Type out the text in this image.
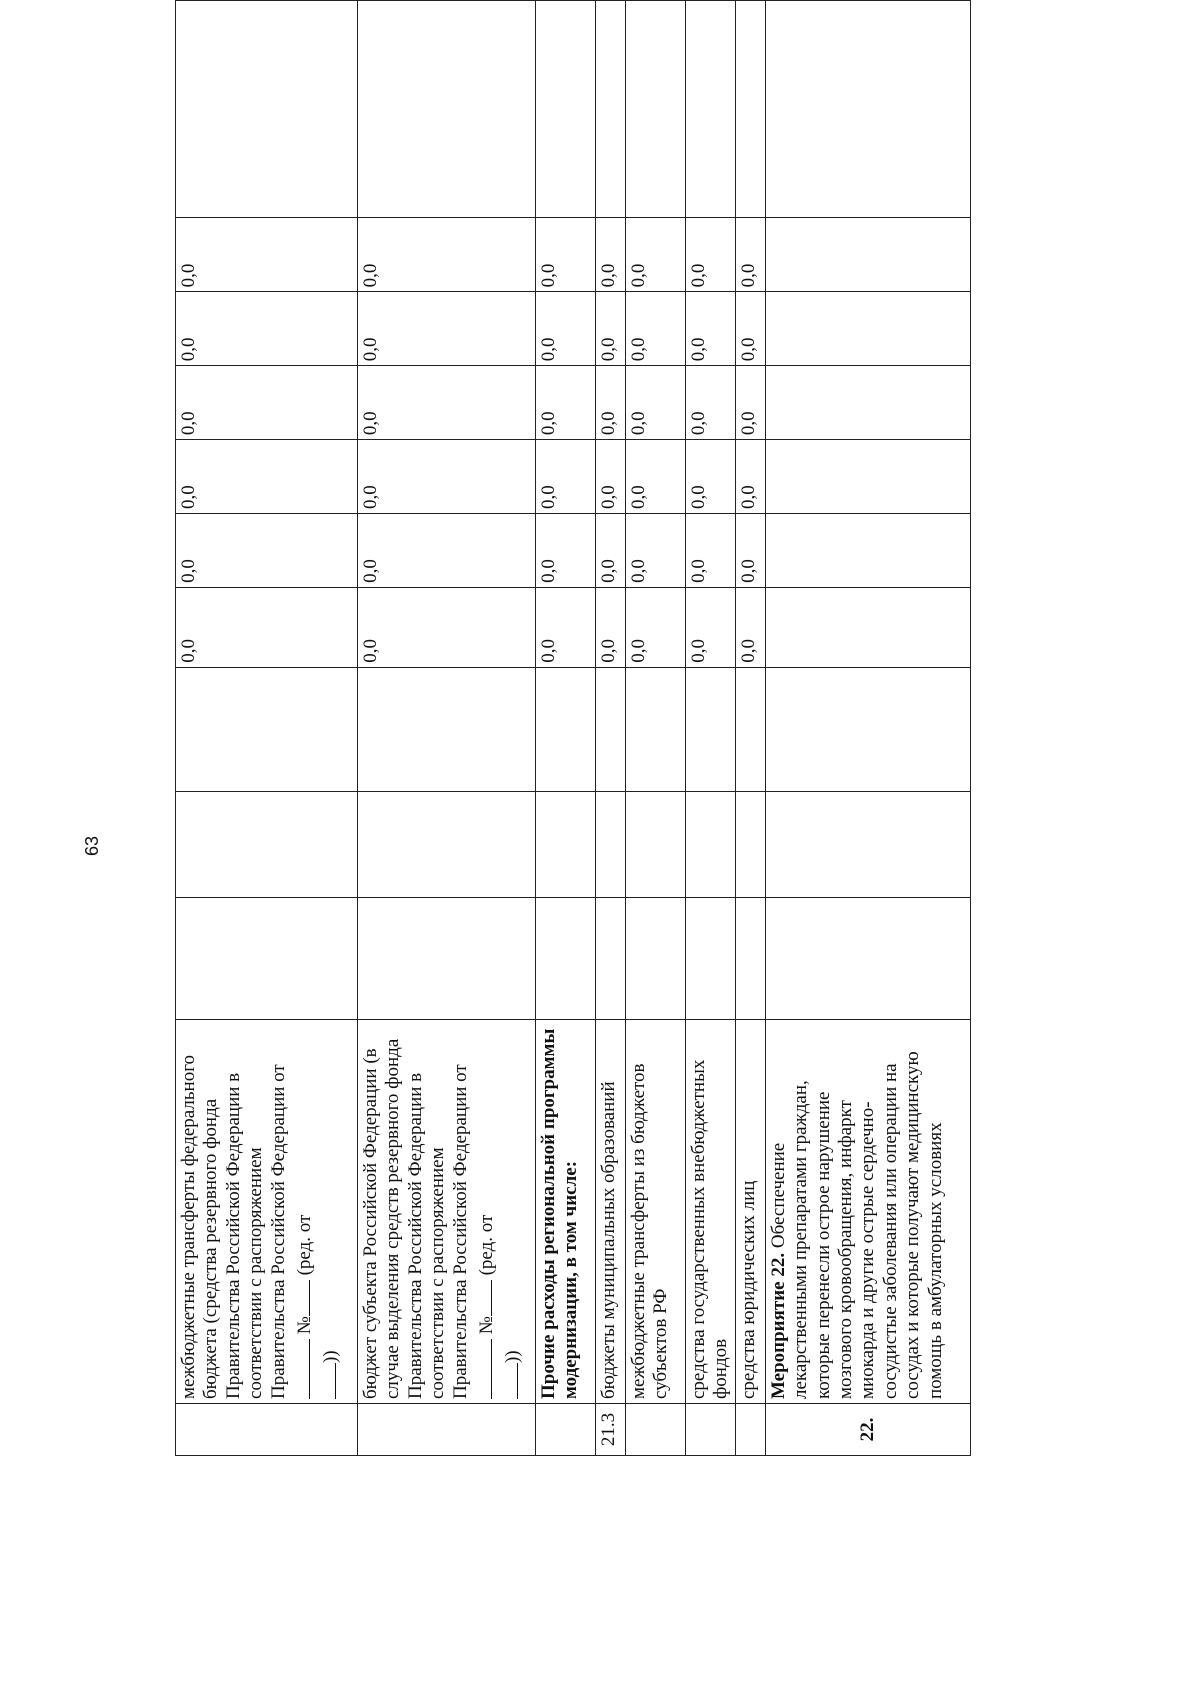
63
	межбюджетные трансферты федерального бюджета (средства резервного фонда Правительства Российской Федерации в соответствии с распоряжением Правительства Российской Федерации от № (ред. от
))				0,0	0,0	0,0	0,0	0,0	0,0	
	бюджет субъекта Российской Федерации (в случае выделения средств резервного фонда Правительства Российской Федерации в соответствии с распоряжением Правительства Российской Федерации от № (ред. от
))				0,0	0,0	0,0	0,0	0,0	0,0	
	Прочие расходы региональной программы модернизации, в том числе:				0,0	0,0	0,0	0,0	0,0	0,0	
21.3	бюджеты муниципальных образований				0,0	0,0	0,0	0,0	0,0	0,0	
	межбюджетные трансферты из бюджетов субъектов РФ				0,0	0,0	0,0	0,0	0,0	0,0	
	средства государственных внебюджетных фондов				0,0	0,0	0,0	0,0	0,0	0,0	
	средства юридических лиц				0,0	0,0	0,0	0,0	0,0	0,0	
22.	Мероприятие 22. Обеспечение лекарственными препаратами граждан, которые перенесли острое нарушение мозгового кровообращения, инфаркт миокарда и другие острые сердечно-сосудистые заболевания или операции на сосудах и которые получают медицинскую помощь в амбулаторных условиях										
